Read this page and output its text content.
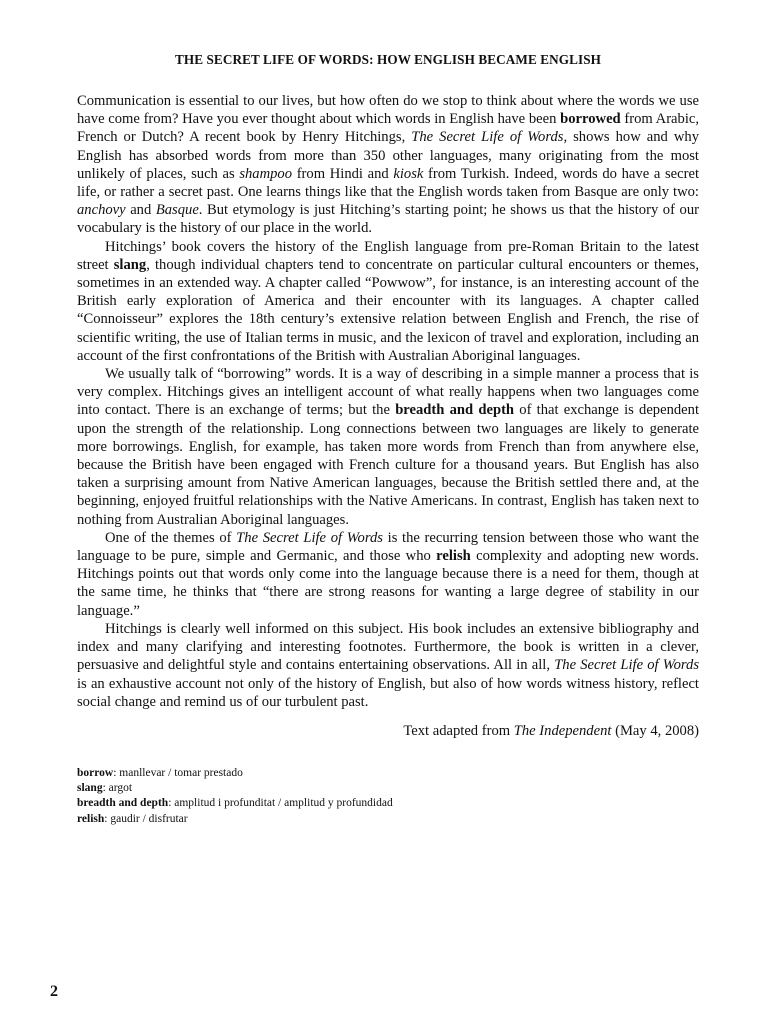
THE SECRET LIFE OF WORDS: HOW ENGLISH BECAME ENGLISH

Communication is essential to our lives, but how often do we stop to think about where the words we use have come from? Have you ever thought about which words in English have been borrowed from Arabic, French or Dutch? A recent book by Henry Hitchings, The Secret Life of Words, shows how and why English has absorbed words from more than 350 other languages, many originating from the most unlikely of places, such as shampoo from Hindi and kiosk from Turkish. Indeed, words do have a secret life, or rather a secret past. One learns things like that the English words taken from Basque are only two: anchovy and Basque. But etymology is just Hitching’s starting point; he shows us that the history of our vocabulary is the history of our place in the world.

Hitchings’ book covers the history of the English language from pre-Roman Britain to the latest street slang, though individual chapters tend to concentrate on particular cultural encounters or themes, sometimes in an extended way. A chapter called “Powwow”, for instance, is an interesting account of the British early exploration of America and their encounter with its languages. A chapter called “Connoisseur” explores the 18th century’s extensive relation between English and French, the rise of scientific writing, the use of Italian terms in music, and the lexicon of travel and exploration, including an account of the first confrontations of the British with Australian Aboriginal languages.

We usually talk of “borrowing” words. It is a way of describing in a simple manner a process that is very complex. Hitchings gives an intelligent account of what really happens when two languages come into contact. There is an exchange of terms; but the breadth and depth of that exchange is dependent upon the strength of the relationship. Long connections between two languages are likely to generate more borrowings. English, for example, has taken more words from French than from anywhere else, because the British have been engaged with French culture for a thousand years. But English has also taken a surprising amount from Native American languages, because the British settled there and, at the beginning, enjoyed fruitful relationships with the Native Americans. In contrast, English has taken next to nothing from Australian Aboriginal languages.

One of the themes of The Secret Life of Words is the recurring tension between those who want the language to be pure, simple and Germanic, and those who relish complexity and adopting new words. Hitchings points out that words only come into the language because there is a need for them, though at the same time, he thinks that “there are strong reasons for wanting a large degree of stability in our language.”

Hitchings is clearly well informed on this subject. His book includes an extensive bibliography and index and many clarifying and interesting footnotes. Furthermore, the book is written in a clever, persuasive and delightful style and contains entertaining observations. All in all, The Secret Life of Words is an exhaustive account not only of the history of English, but also of how words witness history, reflect social change and remind us of our turbulent past.

Text adapted from The Independent (May 4, 2008)

borrow: manllevar / tomar prestado
slang: argot
breadth and depth: amplitud i profunditat / amplitud y profundidad
relish: gaudir / disfrutar
2
